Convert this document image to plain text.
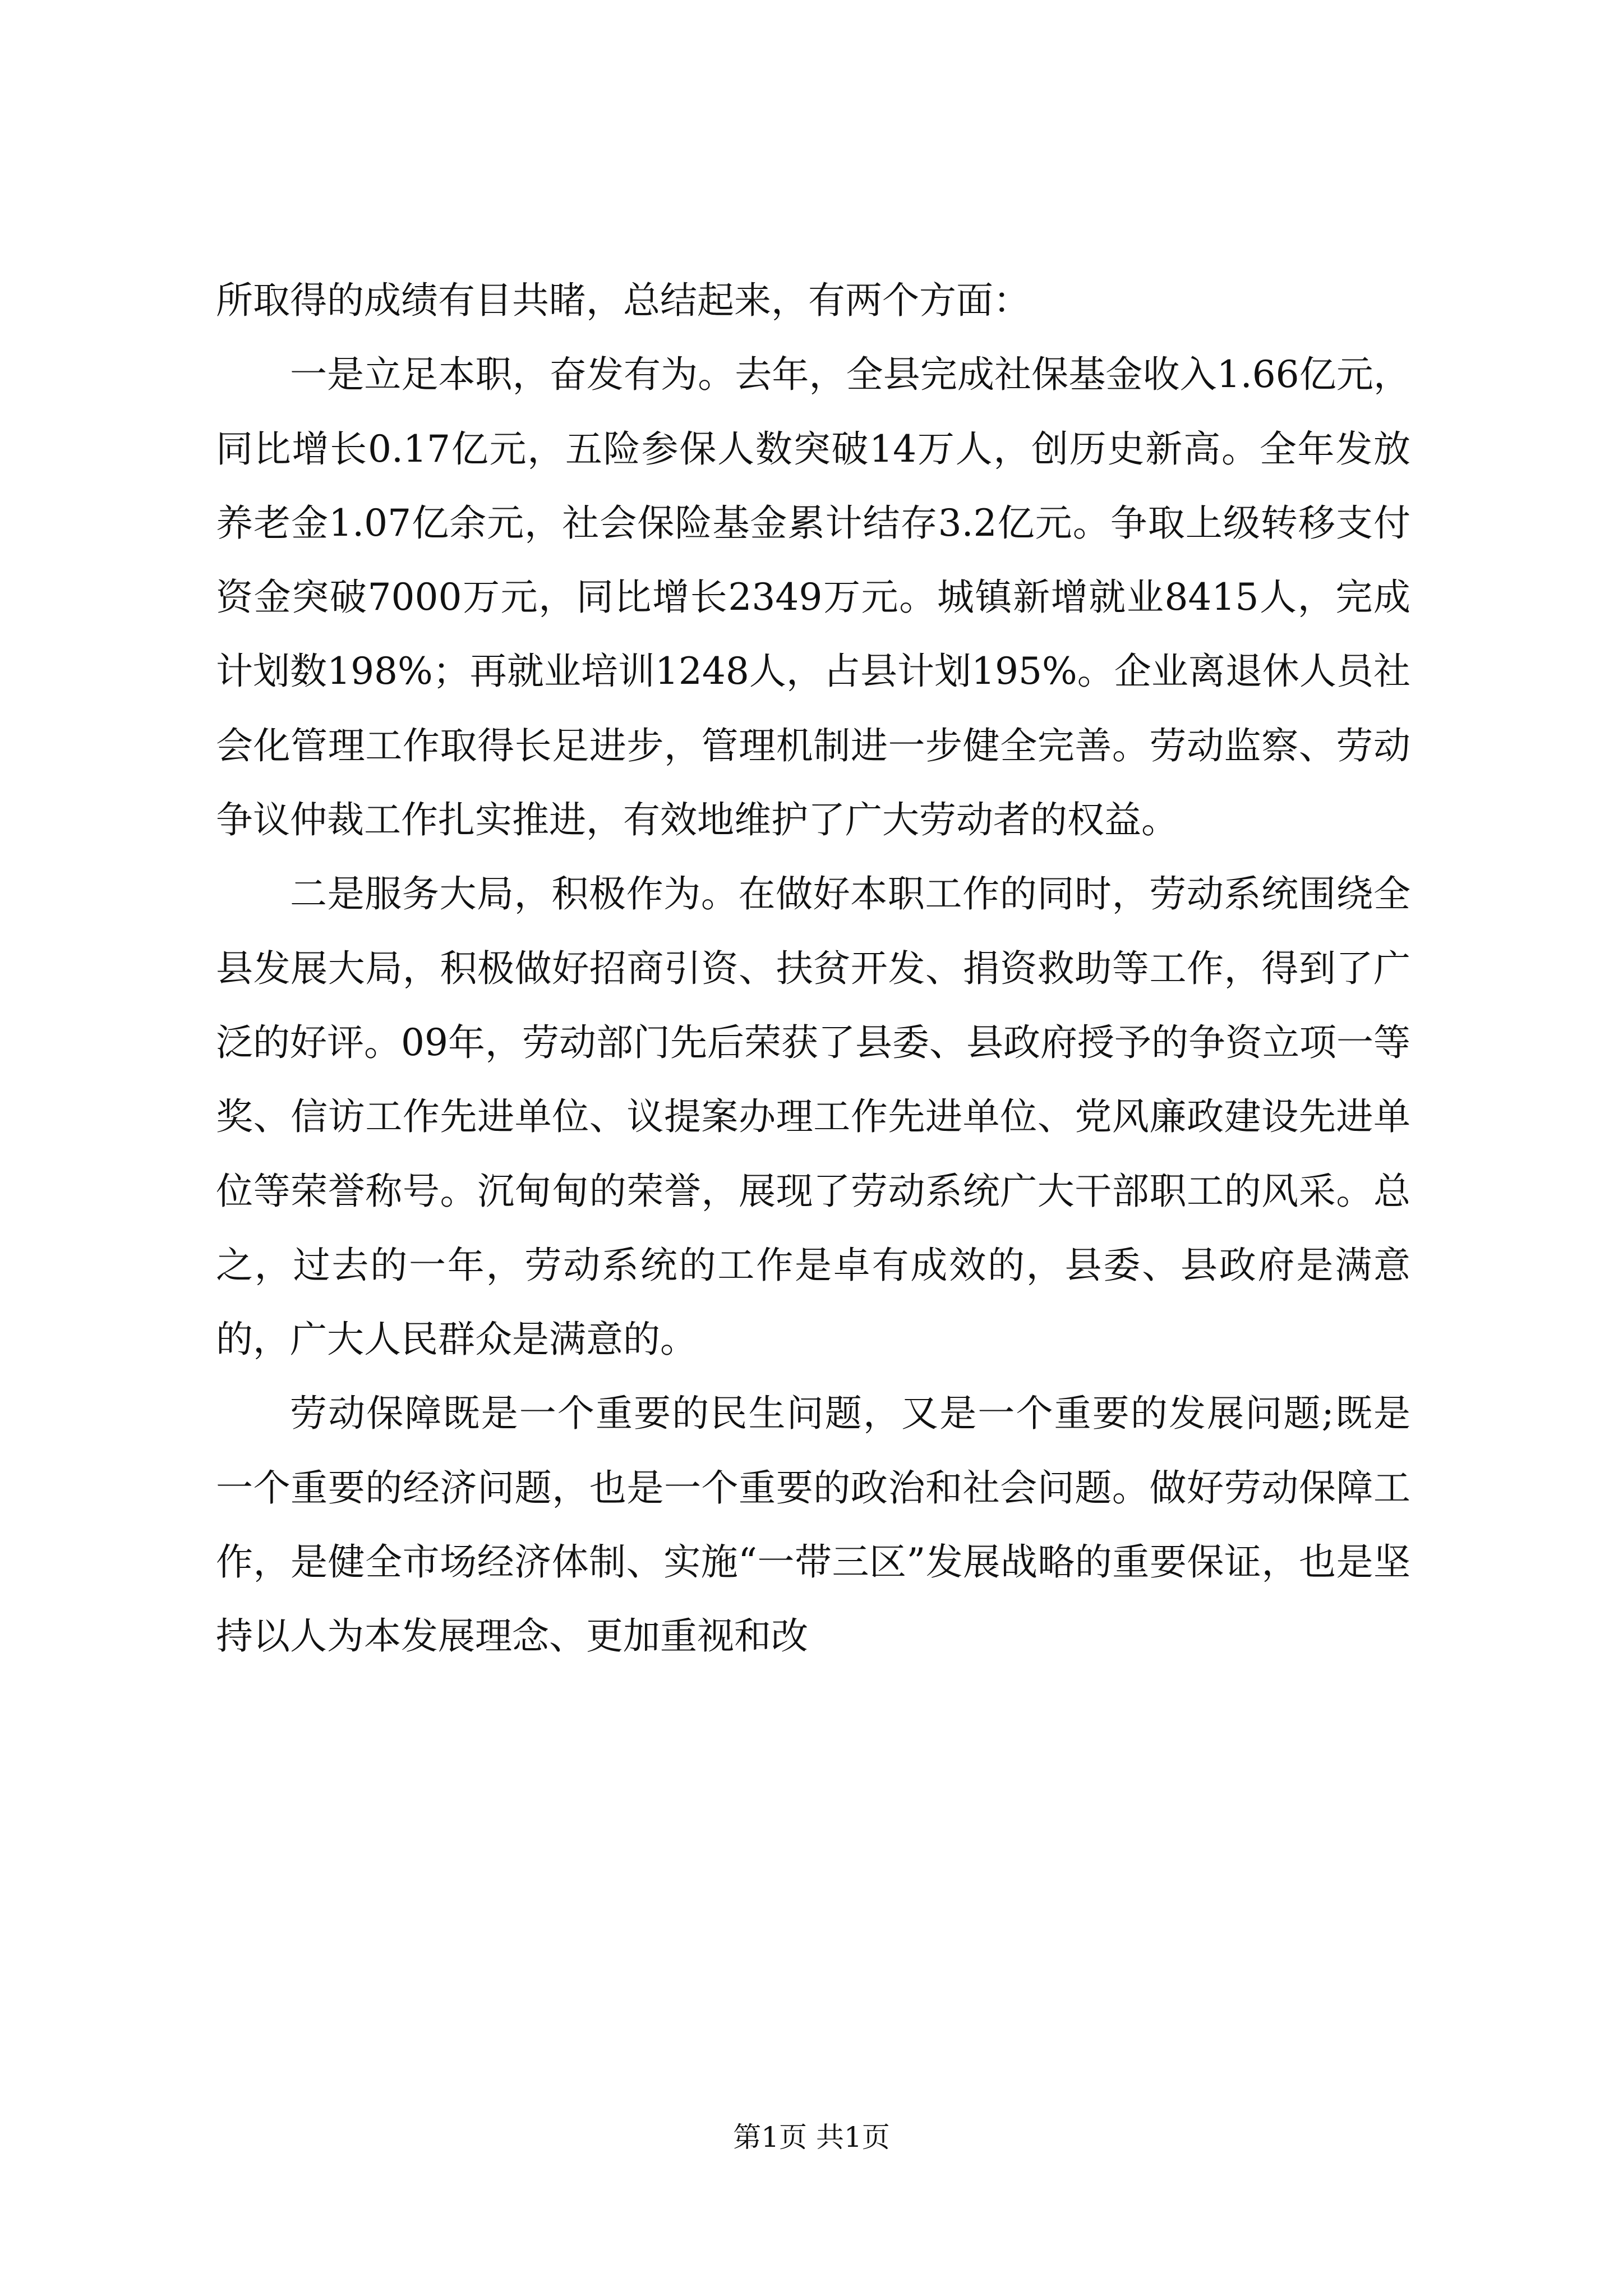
所取得的成绩有目共睹，总结起来，有两个方面：

一是立足本职，奋发有为。去年，全县完成社保基金收入1.66亿元，同比增长0.17亿元，五险参保人数突破14万人，创历史新高。全年发放养老金1.07亿余元，社会保险基金累计结存3.2亿元。争取上级转移支付资金突破7000万元，同比增长2349万元。城镇新增就业8415人，完成计划数198%；再就业培训1248人，占县计划195%。企业离退休人员社会化管理工作取得长足进步，管理机制进一步健全完善。劳动监察、劳动争议仲裁工作扎实推进，有效地维护了广大劳动者的权益。

二是服务大局，积极作为。在做好本职工作的同时，劳动系统围绕全县发展大局，积极做好招商引资、扶贫开发、捐资救助等工作，得到了广泛的好评。09年，劳动部门先后荣获了县委、县政府授予的争资立项一等奖、信访工作先进单位、议提案办理工作先进单位、党风廉政建设先进单位等荣誉称号。沉甸甸的荣誉，展现了劳动系统广大干部职工的风采。总之，过去的一年，劳动系统的工作是卓有成效的，县委、县政府是满意的，广大人民群众是满意的。

劳动保障既是一个重要的民生问题，又是一个重要的发展问题;既是一个重要的经济问题，也是一个重要的政治和社会问题。做好劳动保障工作，是健全市场经济体制、实施“一带三区”发展战略的重要保证，也是坚持以人为本发展理念、更加重视和改

第1页 共1页
